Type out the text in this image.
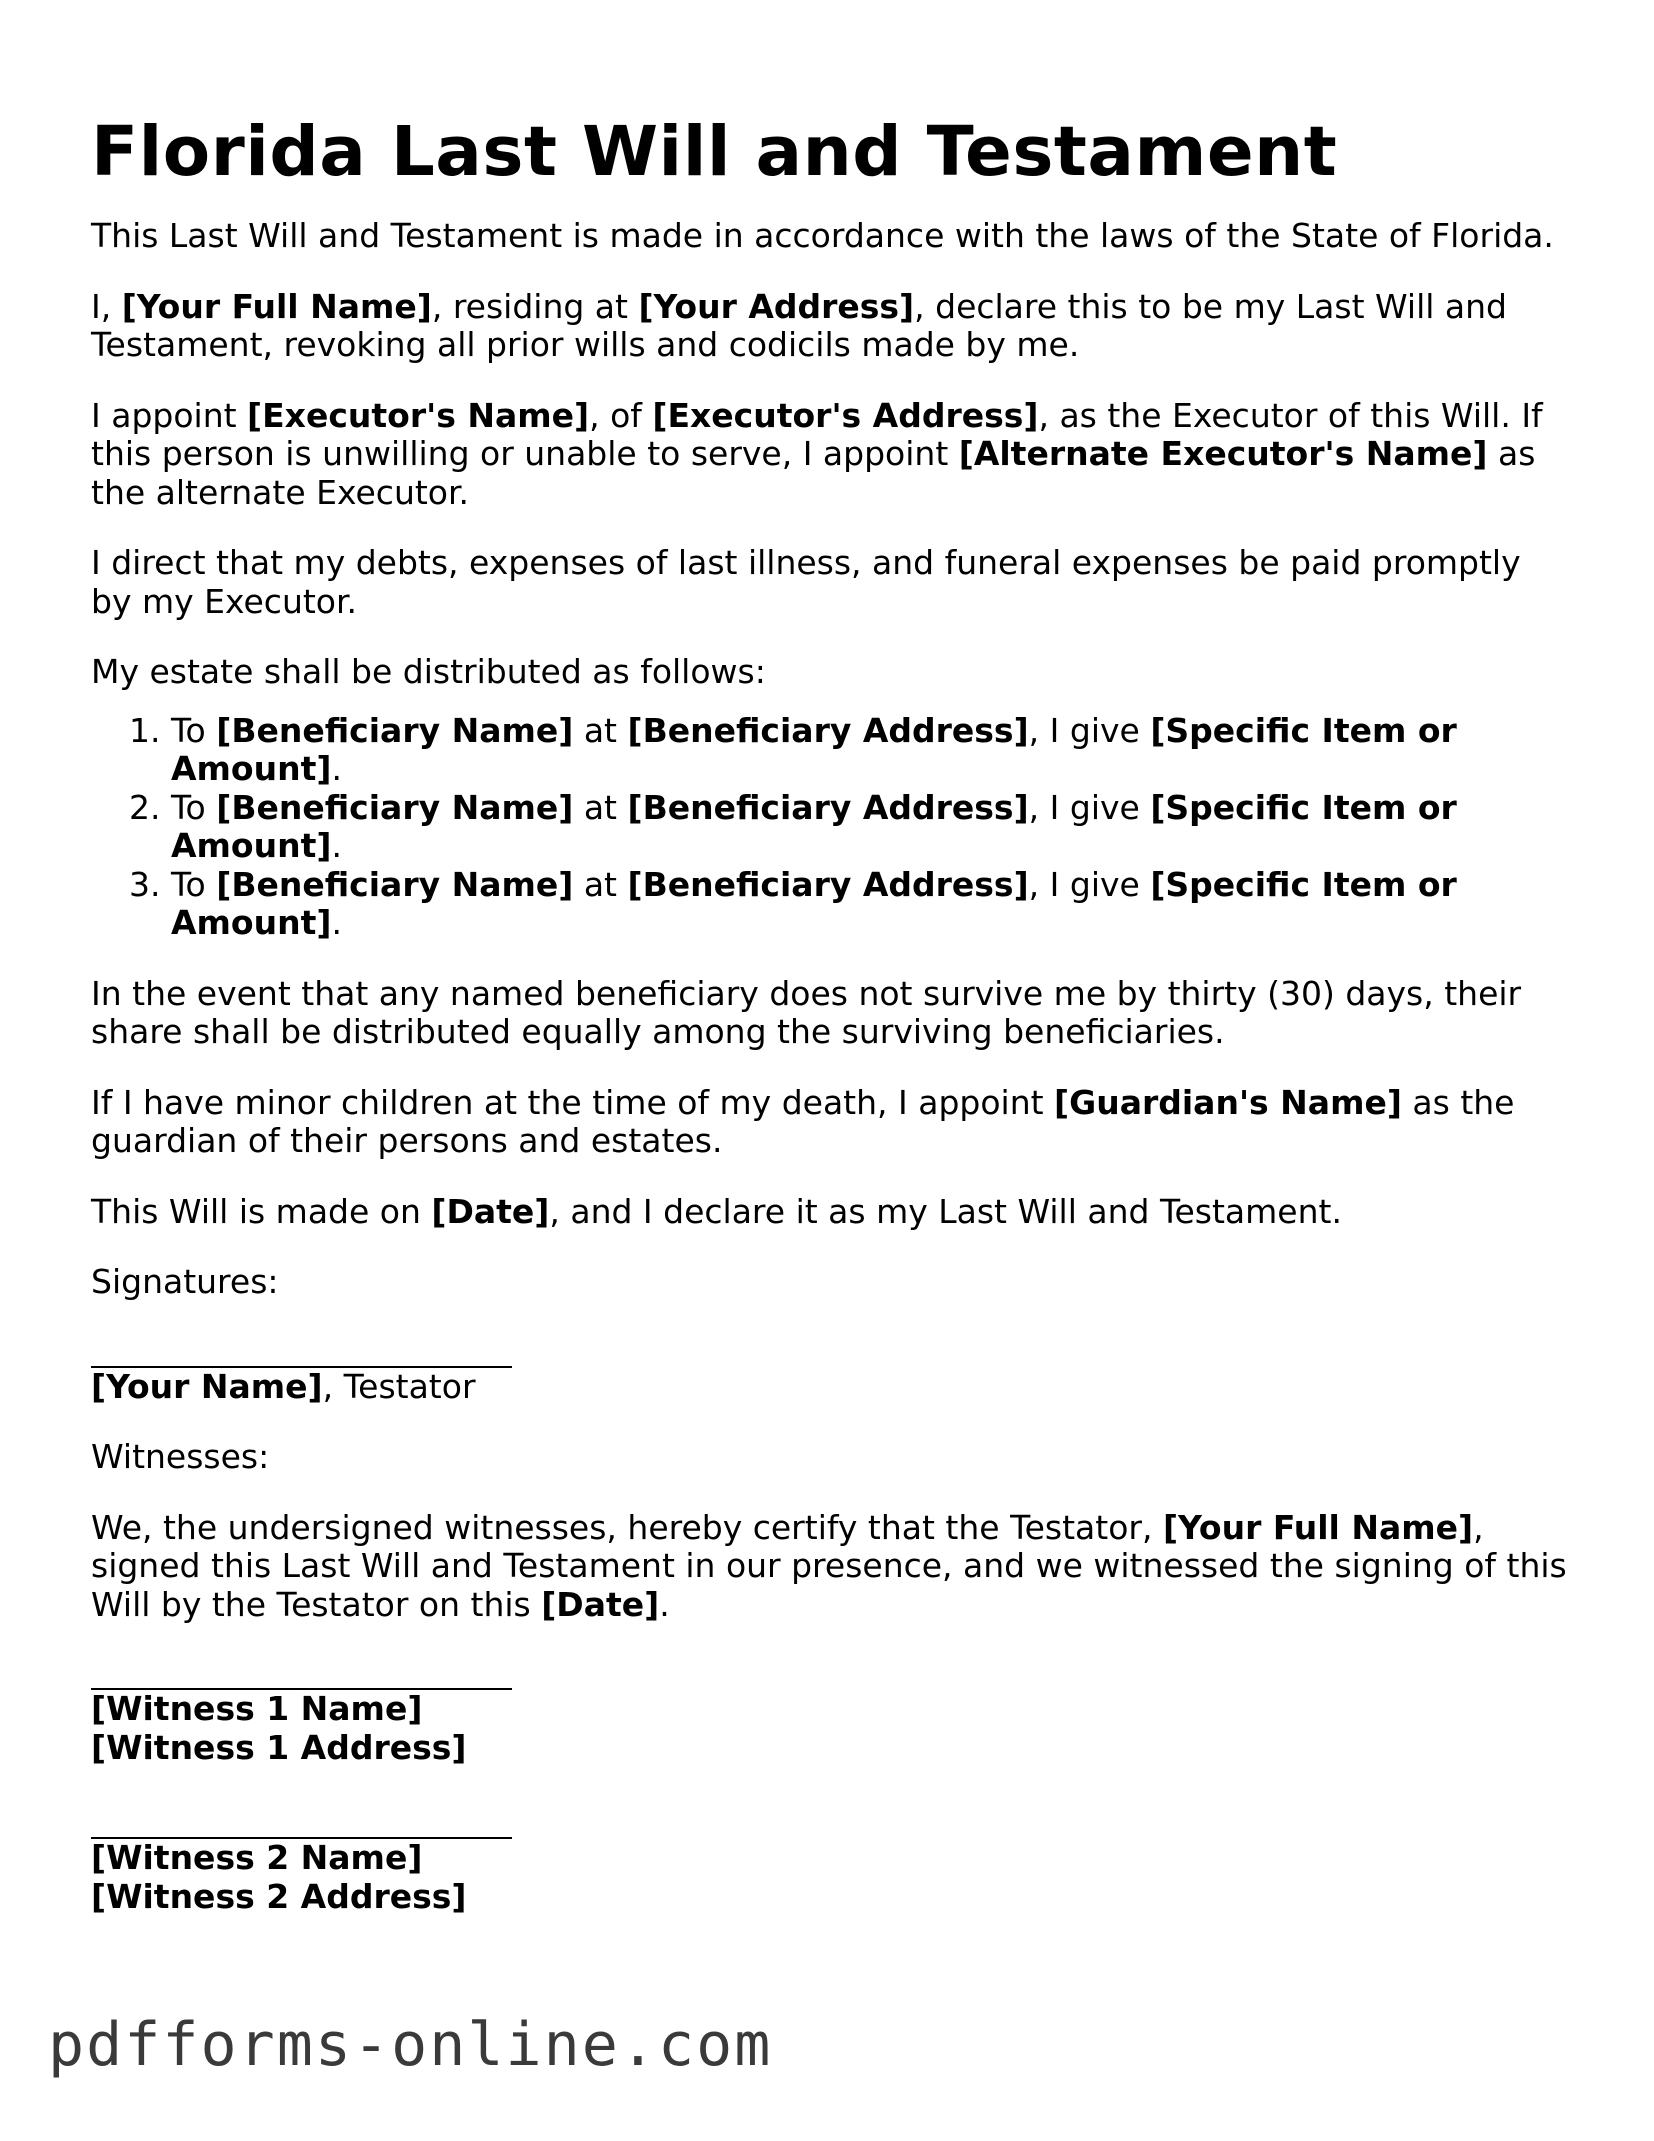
Florida Last Will and Testament

This Last Will and Testament is made in accordance with the laws of the State of Florida.

I, [Your Full Name], residing at [Your Address], declare this to be my Last Will and Testament, revoking all prior wills and codicils made by me.

I appoint [Executor's Name], of [Executor's Address], as the Executor of this Will. If this person is unwilling or unable to serve, I appoint [Alternate Executor's Name] as the alternate Executor.

I direct that my debts, expenses of last illness, and funeral expenses be paid promptly by my Executor.

My estate shall be distributed as follows:

1. To [Beneficiary Name] at [Beneficiary Address], I give [Specific Item or Amount].
2. To [Beneficiary Name] at [Beneficiary Address], I give [Specific Item or Amount].
3. To [Beneficiary Name] at [Beneficiary Address], I give [Specific Item or Amount].

In the event that any named beneficiary does not survive me by thirty (30) days, their share shall be distributed equally among the surviving beneficiaries.

If I have minor children at the time of my death, I appoint [Guardian's Name] as the guardian of their persons and estates.

This Will is made on [Date], and I declare it as my Last Will and Testament.

Signatures:

[Your Name], Testator

Witnesses:

We, the undersigned witnesses, hereby certify that the Testator, [Your Full Name], signed this Last Will and Testament in our presence, and we witnessed the signing of this Will by the Testator on this [Date].

[Witness 1 Name]
[Witness 1 Address]
[Witness 2 Name]
[Witness 2 Address]
pdfforms-online.com
